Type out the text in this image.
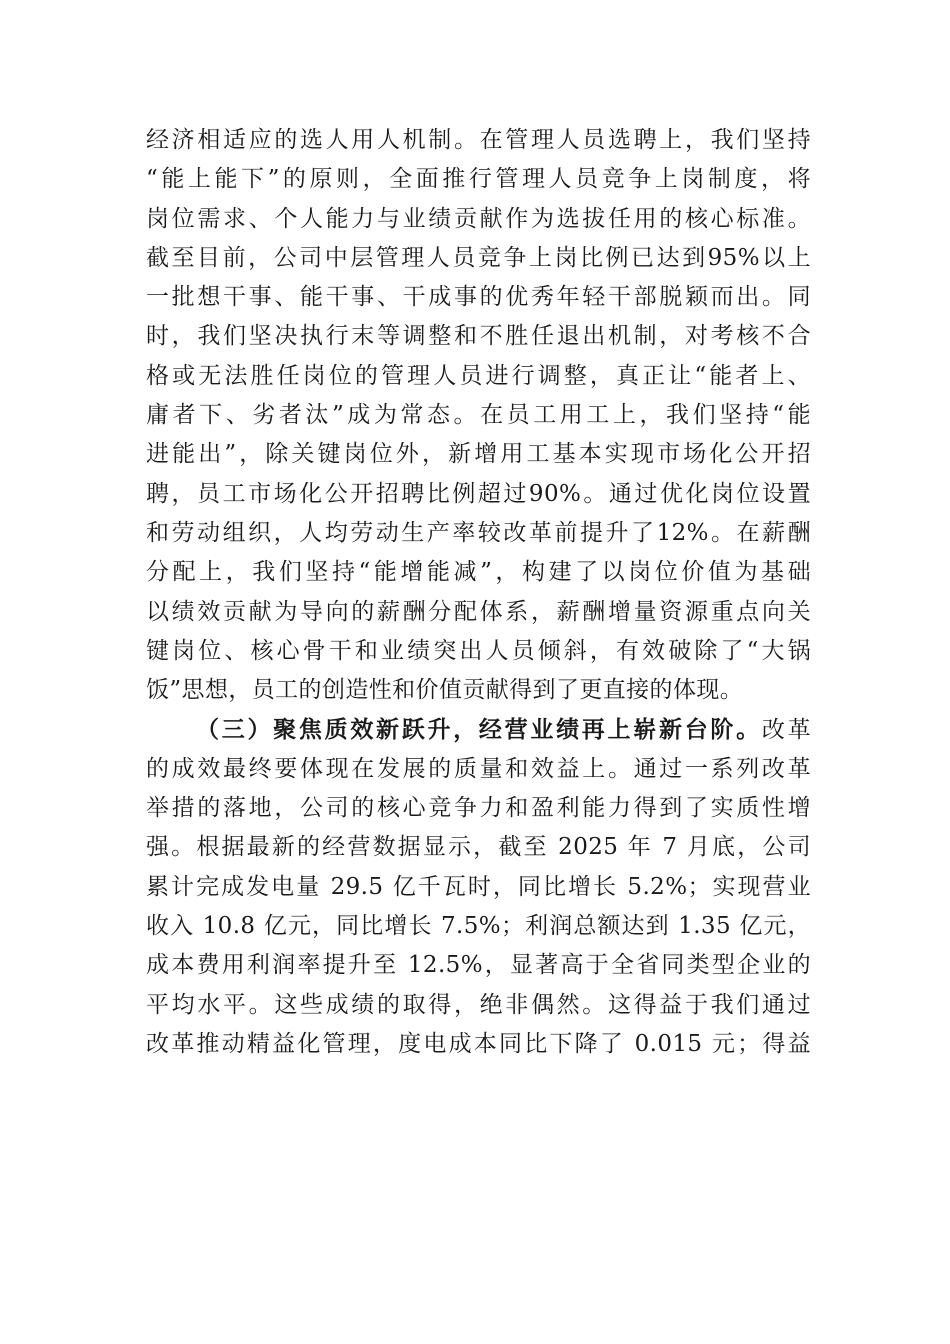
经济相适应的选人用人机制。在管理人员选聘上，我们坚持
“能上能下”的原则，全面推行管理人员竞争上岗制度，将
岗位需求、个人能力与业绩贡献作为选拔任用的核心标准。
截至目前，公司中层管理人员竞争上岗比例已达到95%以上
一批想干事、能干事、干成事的优秀年轻干部脱颖而出。同
时，我们坚决执行末等调整和不胜任退出机制，对考核不合
格或无法胜任岗位的管理人员进行调整，真正让“能者上、
庸者下、劣者汰”成为常态。在员工用工上，我们坚持“能
进能出”，除关键岗位外，新增用工基本实现市场化公开招
聘，员工市场化公开招聘比例超过90%。通过优化岗位设置
和劳动组织，人均劳动生产率较改革前提升了12%。在薪酬
分配上，我们坚持“能增能减”，构建了以岗位价值为基础
以绩效贡献为导向的薪酬分配体系，薪酬增量资源重点向关
键岗位、核心骨干和业绩突出人员倾斜，有效破除了“大锅
饭”思想，员工的创造性和价值贡献得到了更直接的体现。
（三）聚焦质效新跃升，经营业绩再上崭新台阶。改革
的成效最终要体现在发展的质量和效益上。通过一系列改革
举措的落地，公司的核心竞争力和盈利能力得到了实质性增
强。根据最新的经营数据显示，截至 2025 年 7 月底，公司
累计完成发电量 29.5 亿千瓦时，同比增长 5.2%；实现营业
收入 10.8 亿元，同比增长 7.5%；利润总额达到 1.35 亿元，
成本费用利润率提升至 12.5%，显著高于全省同类型企业的
平均水平。这些成绩的取得，绝非偶然。这得益于我们通过
改革推动精益化管理，度电成本同比下降了 0.015 元；得益
